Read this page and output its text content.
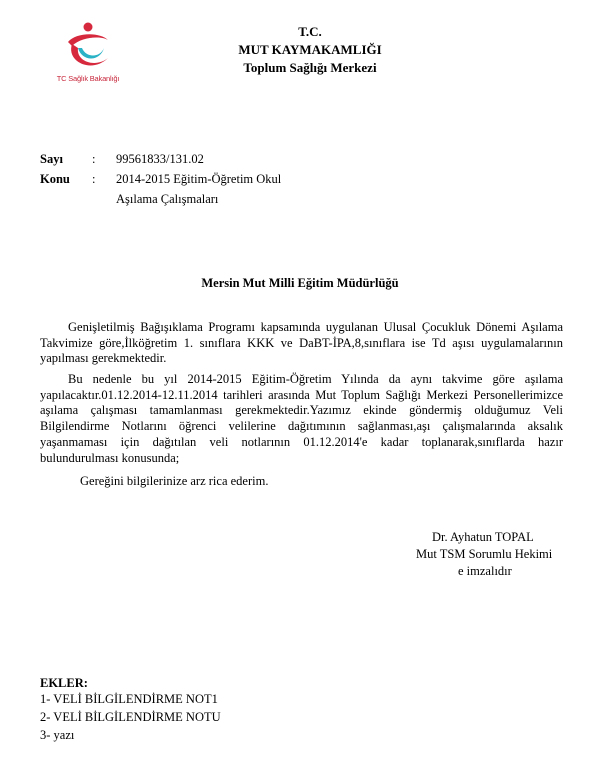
TC Sağlık Bakanlığı
T.C.
MUT KAYMAKAMLIĞI
Toplum Sağlığı Merkezi
Sayı : 99561833/131.02
Konu : 2014-2015 Eğitim-Öğretim Okul
Aşılama Çalışmaları
Mersin Mut Milli Eğitim Müdürlüğü

Genişletilmiş Bağışıklama Programı kapsamında uygulanan Ulusal Çocukluk Dönemi Aşılama Takvimize göre,İlköğretim 1. sınıflara KKK ve DaBT-İPA,8,sınıflara ise Td aşısı uygulamalarının yapılması gerekmektedir.

Bu nedenle bu yıl 2014-2015 Eğitim-Öğretim Yılında da aynı takvime göre aşılama yapılacaktır.01.12.2014-12.11.2014 tarihleri arasında Mut Toplum Sağlığı Merkezi Personellerimizce aşılama çalışması tamamlanması gerekmektedir.Yazımız ekinde göndermiş olduğumuz Veli Bilgilendirme Notlarını öğrenci velilerine dağıtımının sağlanması,aşı çalışmalarında aksalık yaşanmaması için dağıtılan veli notlarının 01.12.2014'e kadar toplanarak,sınıflarda hazır bulundurulması konusunda;

Gereğini bilgilerinize arz rica ederim.
Dr. Ayhatun TOPAL
Mut TSM Sorumlu Hekimi
e imzalıdır
EKLER:
1- VELİ BİLGİLENDİRME NOT1
2- VELİ BİLGİLENDİRME NOTU
3- yazı
